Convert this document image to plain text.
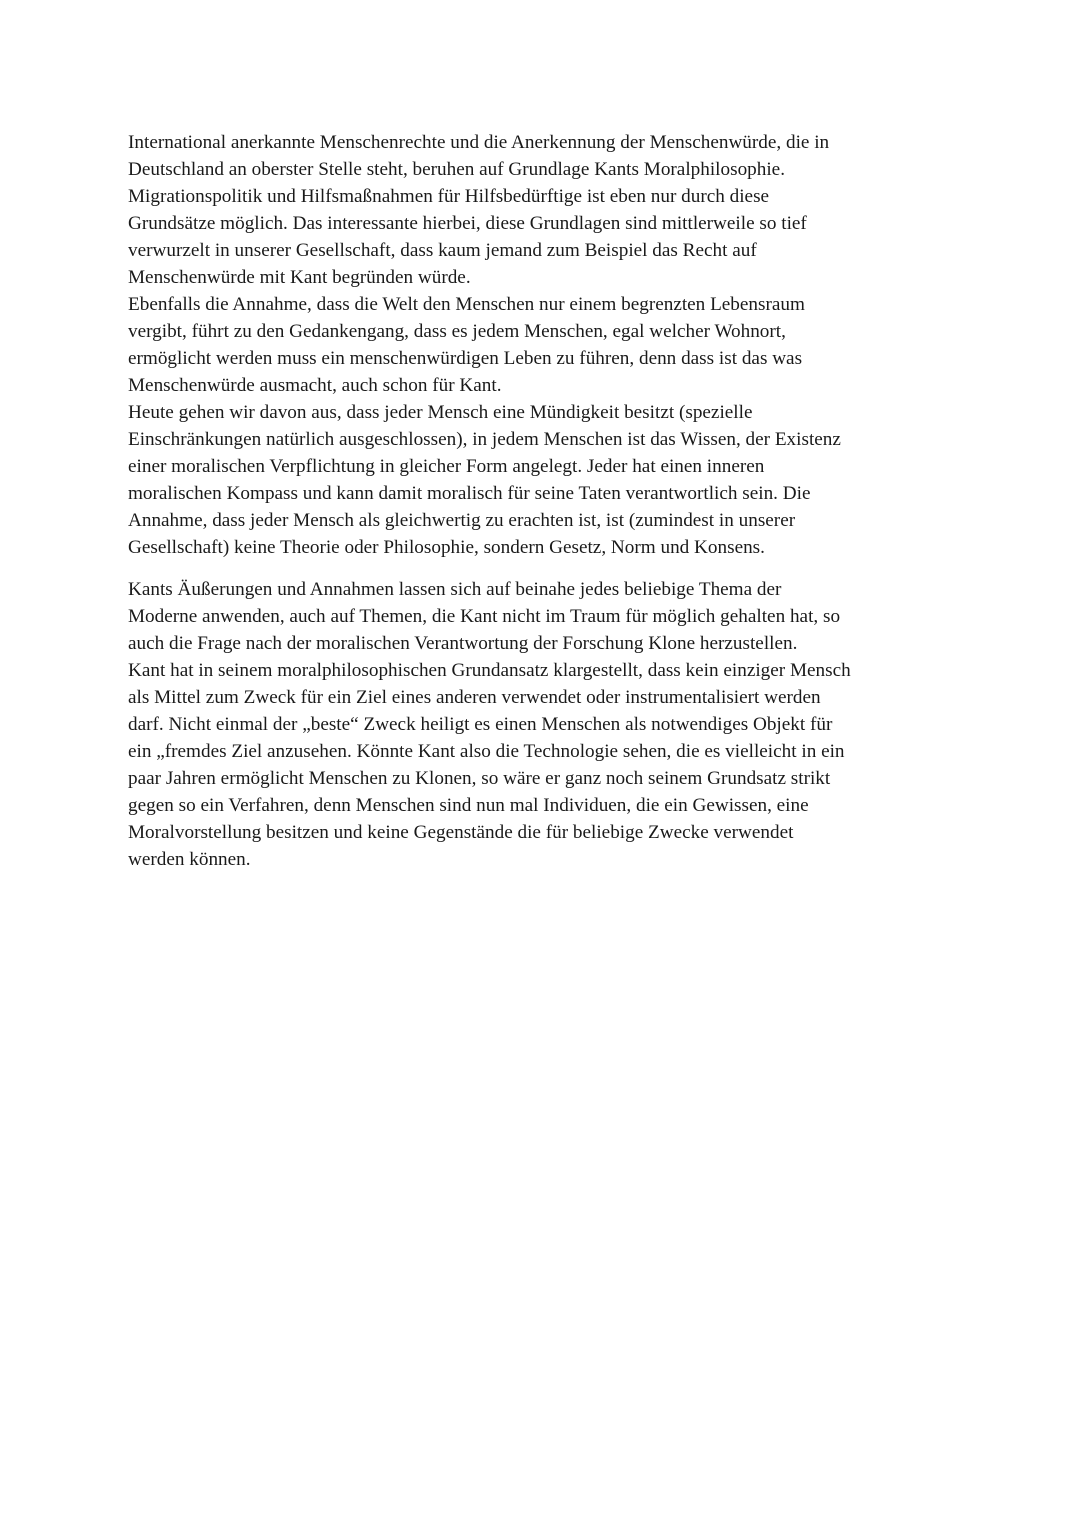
International anerkannte Menschenrechte und die Anerkennung der Menschenwürde, die in
Deutschland an oberster Stelle steht, beruhen auf Grundlage Kants Moralphilosophie.
Migrationspolitik und Hilfsmaßnahmen für Hilfsbedürftige ist eben nur durch diese
Grundsätze möglich. Das interessante hierbei, diese Grundlagen sind mittlerweile so tief
verwurzelt in unserer Gesellschaft, dass kaum jemand zum Beispiel das Recht auf
Menschenwürde mit Kant begründen würde.
Ebenfalls die Annahme, dass die Welt den Menschen nur einem begrenzten Lebensraum
vergibt, führt zu den Gedankengang, dass es jedem Menschen, egal welcher Wohnort,
ermöglicht werden muss ein menschenwürdigen Leben zu führen, denn dass ist das was
Menschenwürde ausmacht, auch schon für Kant.
Heute gehen wir davon aus, dass jeder Mensch eine Mündigkeit besitzt (spezielle
Einschränkungen natürlich ausgeschlossen), in jedem Menschen ist das Wissen, der Existenz
einer moralischen Verpflichtung in gleicher Form angelegt. Jeder hat einen inneren
moralischen Kompass und kann damit moralisch für seine Taten verantwortlich sein. Die
Annahme, dass jeder Mensch als gleichwertig zu erachten ist, ist (zumindest in unserer
Gesellschaft) keine Theorie oder Philosophie, sondern Gesetz, Norm und Konsens.
Kants Äußerungen und Annahmen lassen sich auf beinahe jedes beliebige Thema der
Moderne anwenden, auch auf Themen, die Kant nicht im Traum für möglich gehalten hat, so
auch die Frage nach der moralischen Verantwortung der Forschung Klone herzustellen.
Kant hat in seinem moralphilosophischen Grundansatz klargestellt, dass kein einziger Mensch
als Mittel zum Zweck für ein Ziel eines anderen verwendet oder instrumentalisiert werden
darf. Nicht einmal der „beste“ Zweck heiligt es einen Menschen als notwendiges Objekt für
ein „fremdes Ziel anzusehen. Könnte Kant also die Technologie sehen, die es vielleicht in ein
paar Jahren ermöglicht Menschen zu Klonen, so wäre er ganz noch seinem Grundsatz strikt
gegen so ein Verfahren, denn Menschen sind nun mal Individuen, die ein Gewissen, eine
Moralvorstellung besitzen und keine Gegenstände die für beliebige Zwecke verwendet
werden können.
